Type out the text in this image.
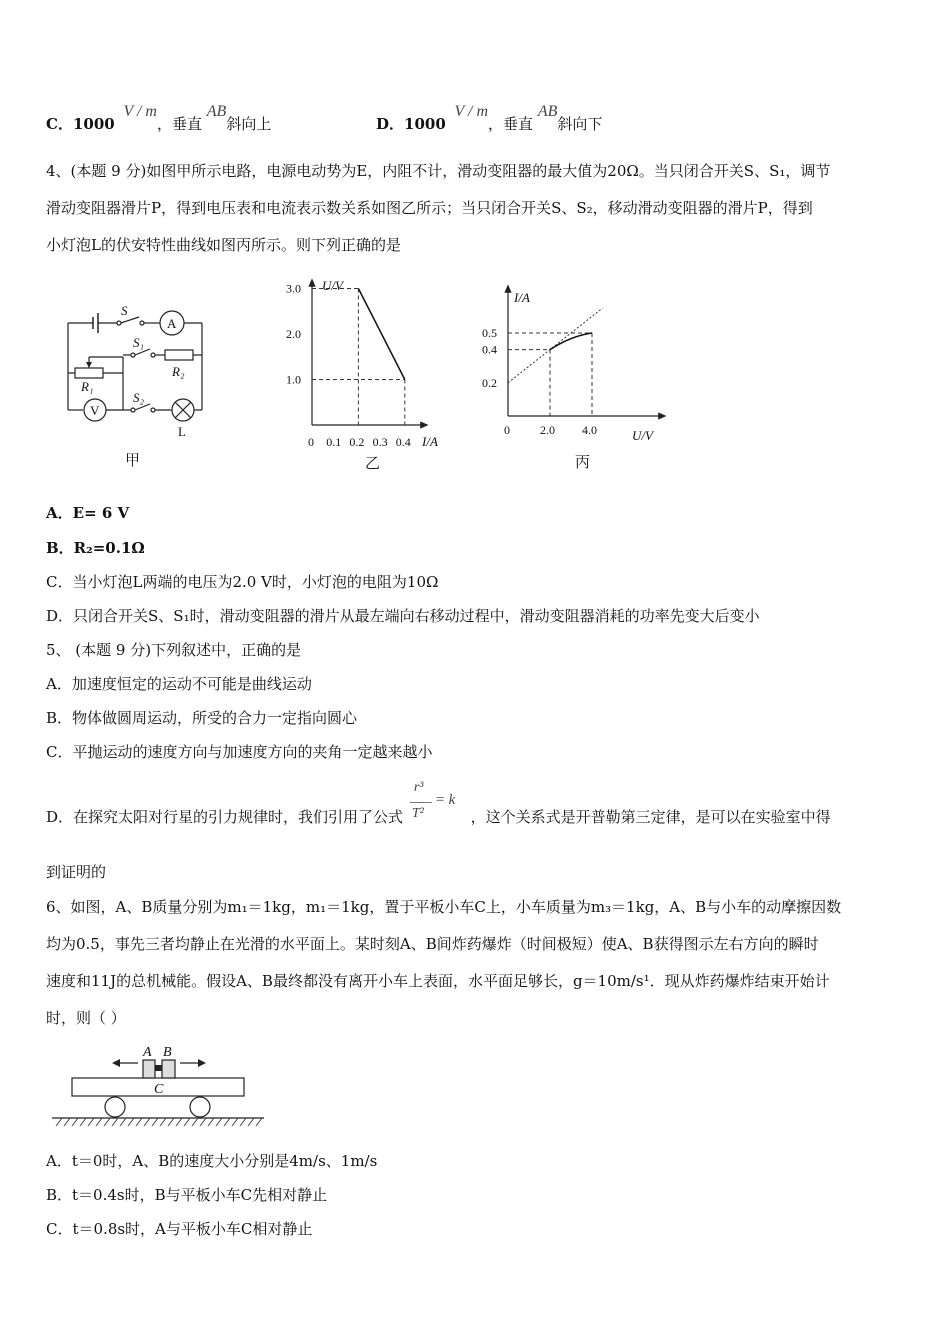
C．1000 V / m，垂直 AB斜向上	D．1000 V / m，垂直 AB斜向下
4、(本题 9 分)如图甲所示电路，电源电动势为E，内阻不计，滑动变阻器的最大值为20Ω。当只闭合开关S、S₁，调节
滑动变阻器滑片P，得到电压表和电流表示数关系如图乙所示；当只闭合开关S、S₂，移动滑动变阻器的滑片P，得到
小灯泡L的伏安特性曲线如图丙所示。则下列正确的是
S
S₁
S₂
A
V
R₁
R₂
L
甲
3.0
2.0
1.0
0 0.1 0.2 0.3 0.4
U/V
I/A
乙
0.5
0.4
0.2
0	2.0 4.0
I/A
U/V
丙
A．E= 6 V
B．R₂=0.1Ω
C．当小灯泡L两端的电压为2.0 V时，小灯泡的电阻为10Ω
D．只闭合开关S、S₁时，滑动变阻器的滑片从最左端向右移动过程中，滑动变阻器消耗的功率先变大后变小
5、 (本题 9 分)下列叙述中，正确的是
A．加速度恒定的运动不可能是曲线运动
B．物体做圆周运动，所受的合力一定指向圆心
C．平抛运动的速度方向与加速度方向的夹角一定越来越小
D．在探究太阳对行星的引力规律时，我们引用了公式
r³
T²
= k
，这个关系式是开普勒第三定律，是可以在实验室中得
到证明的
6、如图，A、B质量分别为m₁＝1kg，m₁＝1kg，置于平板小车C上，小车质量为m₃＝1kg，A、B与小车的动摩擦因数
均为0.5，事先三者均静止在光滑的水平面上。某时刻A、B间炸药爆炸（时间极短）使A、B获得图示左右方向的瞬时
速度和11J的总机械能。假设A、B最终都没有离开小车上表面，水平面足够长，g＝10m/s¹．现从炸药爆炸结束开始计
时，则（ ）
A B
C
A．t＝0时，A、B的速度大小分别是4m/s、1m/s
B．t＝0.4s时，B与平板小车C先相对静止
C．t＝0.8s时，A与平板小车C相对静止
